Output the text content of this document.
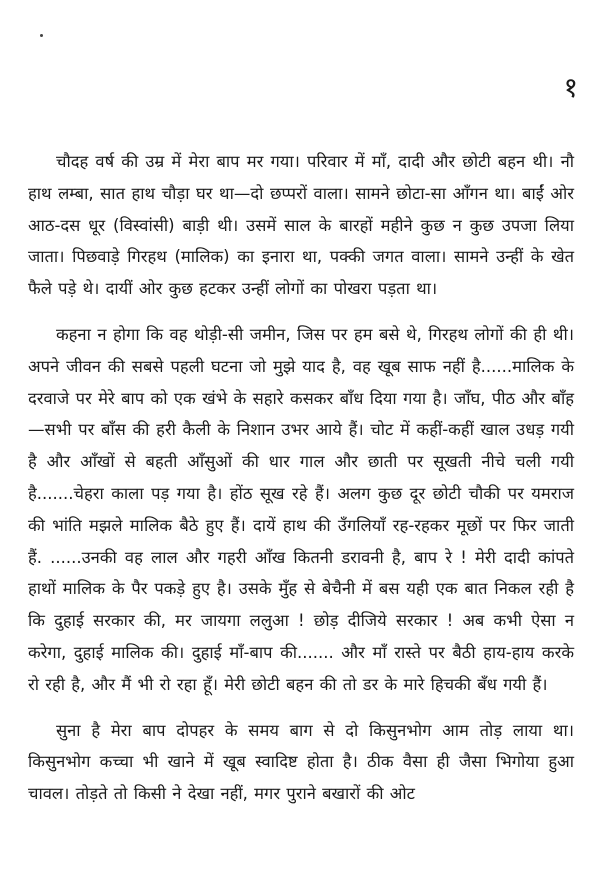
१

चौदह वर्ष की उम्र में मेरा बाप मर गया। परिवार में माँ, दादी और छोटी बहन थी। नौ हाथ लम्बा, सात हाथ चौड़ा घर था—दो छप्परों वाला। सामने छोटा-सा आँगन था। बाईं ओर आठ-दस धूर (विस्वांसी) बाड़ी थी। उसमें साल के बारहों महीने कुछ न कुछ उपजा लिया जाता। पिछवाड़े गिरहथ (मालिक) का इनारा था, पक्की जगत वाला। सामने उन्हीं के खेत फैले पड़े थे। दायीं ओर कुछ हटकर उन्हीं लोगों का पोखरा पड़ता था।

कहना न होगा कि वह थोड़ी-सी जमीन, जिस पर हम बसे थे, गिरहथ लोगों की ही थी। अपने जीवन की सबसे पहली घटना जो मुझे याद है, वह खूब साफ नहीं है......मालिक के दरवाजे पर मेरे बाप को एक खंभे के सहारे कसकर बाँध दिया गया है। जाँघ, पीठ और बाँह—सभी पर बाँस की हरी कैली के निशान उभर आये हैं। चोट में कहीं-कहीं खाल उधड़ गयी है और आँखों से बहती आँसुओं की धार गाल और छाती पर सूखती नीचे चली गयी है.......चेहरा काला पड़ गया है। होंठ सूख रहे हैं। अलग कुछ दूर छोटी चौकी पर यमराज की भांति मझले मालिक बैठे हुए हैं। दायें हाथ की उँगलियाँ रह-रहकर मूछों पर फिर जाती हैं. ......उनकी वह लाल और गहरी आँख कितनी डरावनी है, बाप रे ! मेरी दादी कांपते हाथों मालिक के पैर पकड़े हुए है। उसके मुँह से बेचैनी में बस यही एक बात निकल रही है कि दुहाई सरकार की, मर जायगा ललुआ ! छोड़ दीजिये सरकार ! अब कभी ऐसा न करेगा, दुहाई मालिक की। दुहाई माँ-बाप की....... और माँ रास्ते पर बैठी हाय-हाय करके रो रही है, और मैं भी रो रहा हूँ। मेरी छोटी बहन की तो डर के मारे हिचकी बँध गयी हैं।

सुना है मेरा बाप दोपहर के समय बाग से दो किसुनभोग आम तोड़ लाया था। किसुनभोग कच्चा भी खाने में खूब स्वादिष्ट होता है। ठीक वैसा ही जैसा भिगोया हुआ चावल। तोड़ते तो किसी ने देखा नहीं, मगर पुराने बखारों की ओट
